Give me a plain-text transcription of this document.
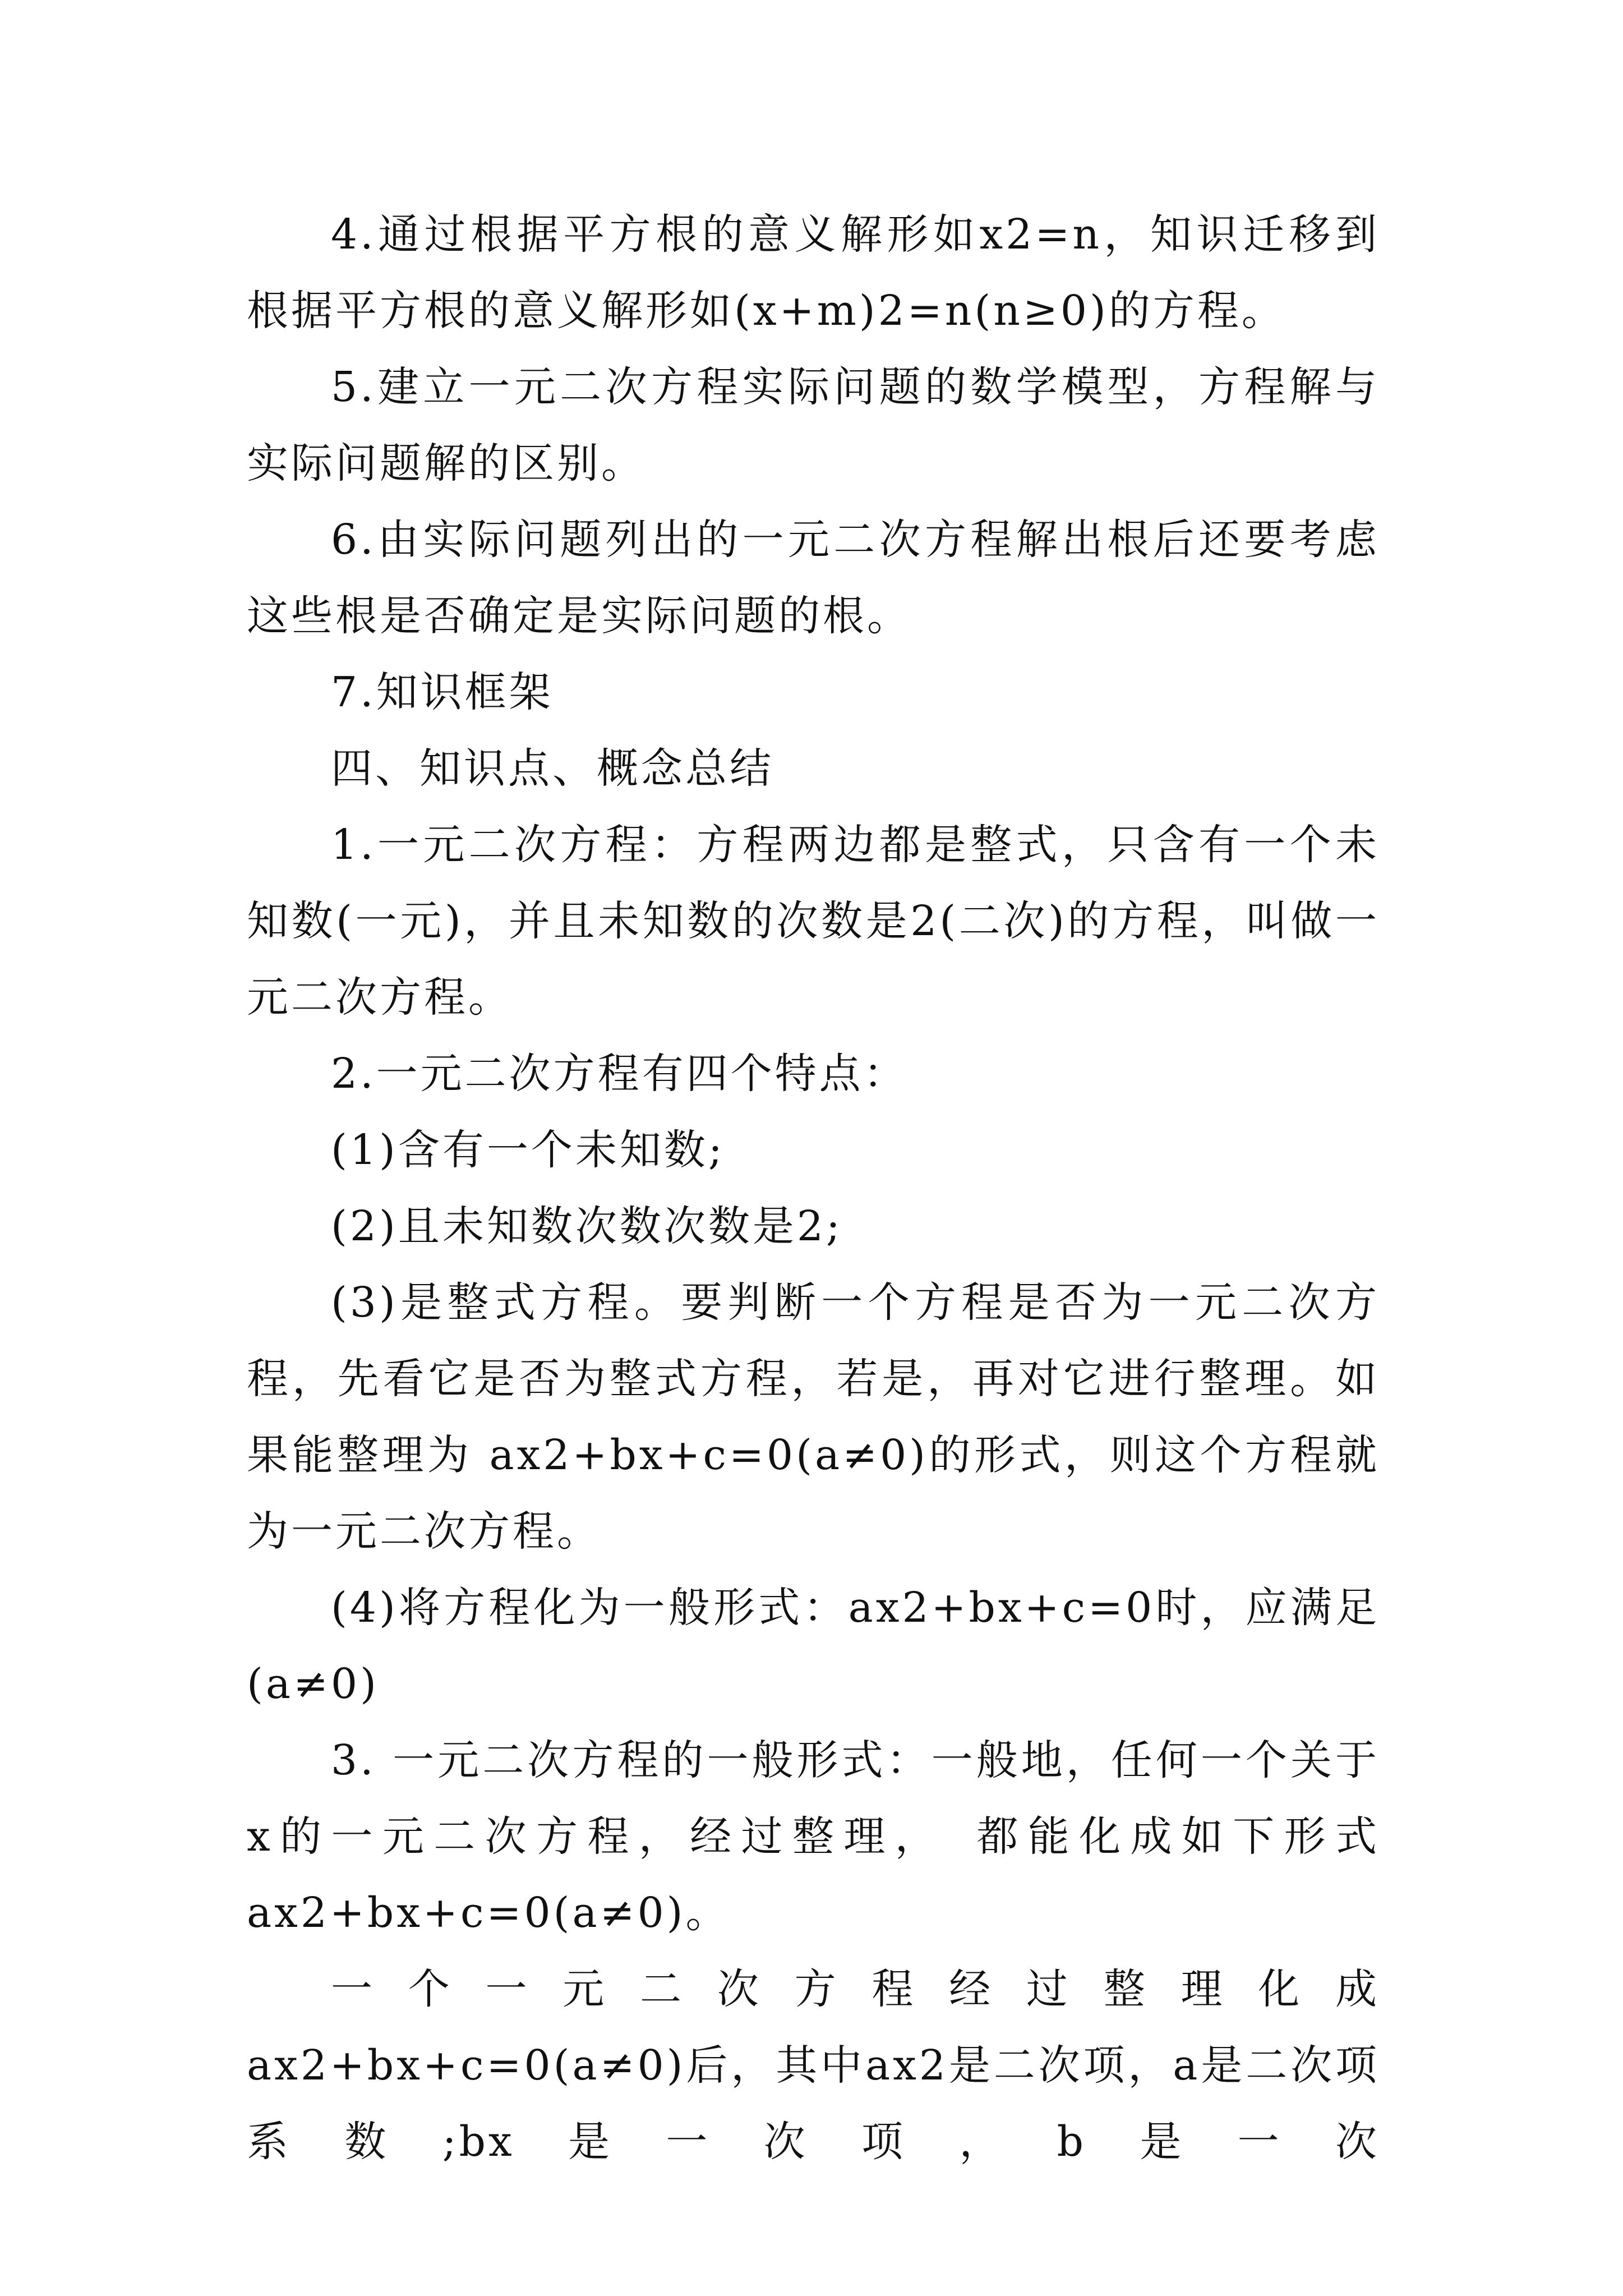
4.通过根据平方根的意义解形如x2=n，知识迁移到根据平方根的意义解形如(x+m)2=n(n≥0)的方程。

5.建立一元二次方程实际问题的数学模型，方程解与实际问题解的区别。

6.由实际问题列出的一元二次方程解出根后还要考虑这些根是否确定是实际问题的根。

7.知识框架

四、知识点、概念总结

1.一元二次方程：方程两边都是整式，只含有一个未知数(一元)，并且未知数的次数是2(二次)的方程，叫做一元二次方程。

2.一元二次方程有四个特点：

(1)含有一个未知数;

(2)且未知数次数次数是2;

(3)是整式方程。要判断一个方程是否为一元二次方程，先看它是否为整式方程，若是，再对它进行整理。如果能整理为 ax2+bx+c=0(a≠0)的形式，则这个方程就为一元二次方程。

(4)将方程化为一般形式：ax2+bx+c=0时，应满足(a≠0)

3. 一元二次方程的一般形式：一般地，任何一个关于x的一元二次方程，经过整理，　都能化成如下形式ax2+bx+c=0(a≠0)。

一个一元二次方程经过整理化成ax2+bx+c=0(a≠0)后，其中ax2是二次项，a是二次项系数;bx是一次项，b是一次
